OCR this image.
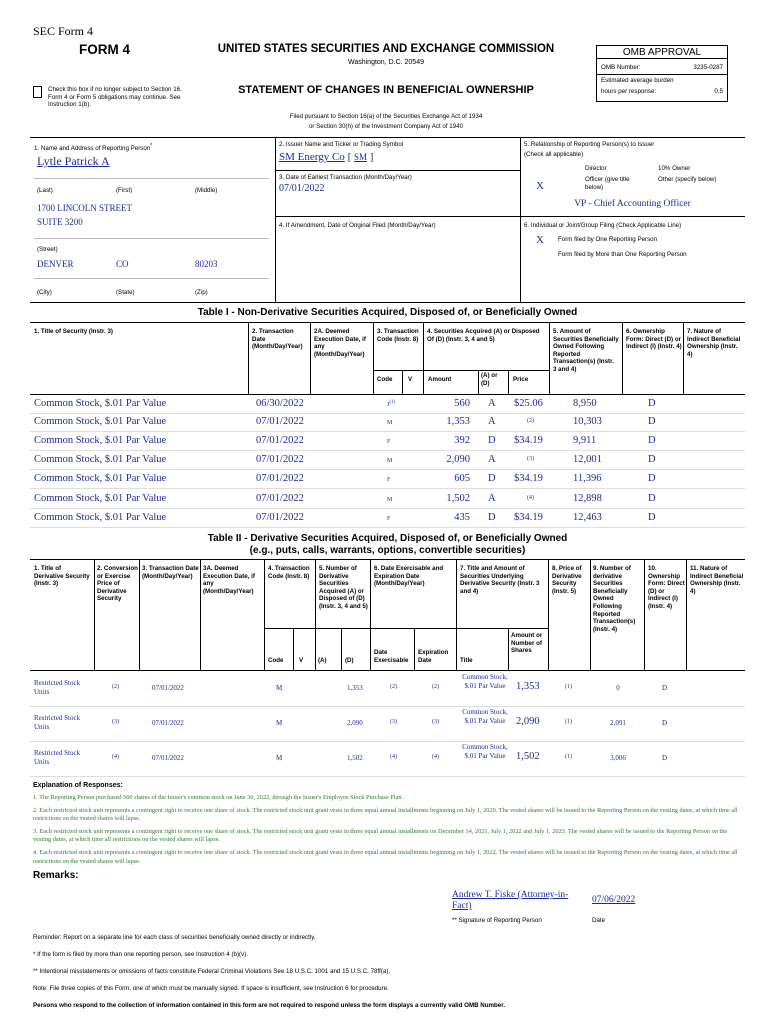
SEC Form 4
FORM 4	UNITED STATES SECURITIES AND EXCHANGE COMMISSION
Washington, D.C. 20549
STATEMENT OF CHANGES IN BENEFICIAL OWNERSHIP
Check this box if no longer subject to Section 16. Form 4 or Form 5 obligations may continue. See Instruction 1(b).
OMB APPROVAL
OMB Number:	3235-0287
Estimated average burden
hours per response:	0.5
Filed pursuant to Section 16(a) of the Securities Exchange Act of 1934
or Section 30(h) of the Investment Company Act of 1940
1. Name and Address of Reporting Person*
Lytle Patrick A
(Last)	(First)	(Middle)
1700 LINCOLN STREET
SUITE 3200
(Street)
DENVER	CO	80203
(City)	(State)	(Zip)
2. Issuer Name and Ticker or Trading Symbol
SM Energy Co [ SM ]
3. Date of Earliest Transaction (Month/Day/Year)
07/01/2022
4. If Amendment, Date of Original Filed (Month/Day/Year)
5. Relationship of Reporting Person(s) to Issuer
(Check all applicable)
Director	10% Owner
X
Officer (give title below)
Other (specify below)
VP - Chief Accounting Officer
6. Individual or Joint/Group Filing (Check Applicable Line)
X Form filed by One Reporting Person
Form filed by More than One Reporting Person
Table I - Non-Derivative Securities Acquired, Disposed of, or Beneficially Owned
1. Title of Security (Instr. 3)	2. Transaction Date (Month/Day/Year)
2A. Deemed Execution Date, if any (Month/Day/Year)
3. Transaction Code (Instr. 8)
4. Securities Acquired (A) or Disposed Of (D) (Instr. 3, 4 and 5)
5. Amount of Securities Beneficially Owned Following Reported Transaction(s) (Instr. 3 and 4)
6. Ownership Form: Direct (D) or Indirect (I) (Instr. 4)
7. Nature of Indirect Beneficial Ownership (Instr. 4)
Code	V	Amount
(A) or (D)
Price
Common Stock, $.01 Par Value	06/30/2022	$J^{(1)}$	560 A $25.06	8,950	D
Common Stock, $.01 Par Value	07/01/2022	M	1,353 A	(2)	10,303	D
Common Stock, $.01 Par Value	07/01/2022	F	392 D $34.19	9,911	D
Common Stock, $.01 Par Value	07/01/2022	M	2,090 A	(3)	12,001	D
Common Stock, $.01 Par Value	07/01/2022	F	605 D $34.19	11,396	D
Common Stock, $.01 Par Value	07/01/2022	M	1,502 A	(4)	12,898	D
Common Stock, $.01 Par Value	07/01/2022	F	435 D $34.19	12,463	D
Table II - Derivative Securities Acquired, Disposed of, or Beneficially Owned
(e.g., puts, calls, warrants, options, convertible securities)
1. Title of Derivative Security (Instr. 3)
2. Conversion or Exercise Price of Derivative Security
3. Transaction Date (Month/Day/Year)
3A. Deemed Execution Date, if any (Month/Day/Year)
4. Transaction Code (Instr. 8)
5. Number of Derivative Securities Acquired (A) or Disposed of (D) (Instr. 3, 4 and 5)
6. Date Exercisable and Expiration Date (Month/Day/Year)
7. Title and Amount of Securities Underlying Derivative Security (Instr. 3 and 4)
8. Price of Derivative Security (Instr. 5)
9. Number of derivative Securities Beneficially Owned Following Reported Transaction(s) (Instr. 4)
10. Ownership Form: Direct (D) or Indirect (I) (Instr. 4)
11. Nature of Indirect Beneficial Ownership (Instr. 4)
Code	V (A)	(D)
Date Exercisable
Expiration Date	Title
Amount or Number of Shares
Restricted Stock Units
(2)	07/01/2022	M	1,353	(2)	(2)
Common Stock, $.01 Par Value	1,353	(1)	0	D
Restricted Stock Units
(3)	07/01/2022	M	2,090	(3)	(3)
Common Stock, $.01 Par Value	2,090	(1)	2,091	D
Restricted Stock Units
(4)	07/01/2022	M	1,502	(4)	(4)
Common Stock, $.01 Par Value	1,502	(1)	3,006	D
Explanation of Responses:
1. The Reporting Person purchased 560 shares of the Issuer's common stock on June 30, 2022, through the Issuer's Employee Stock Purchase Plan.
2. Each restricted stock unit represents a contingent right to receive one share of stock. The restricted stock unit grant vests in three equal annual installments beginning on July 1, 2020. The vested shares will be issued to the Reporting Person on the vesting dates, at which time all restrictions on the vested shares will lapse.
3. Each restricted stock unit represents a contingent right to receive one share of stock. The restricted stock unit grant vests in three equal annual installments on December 14, 2021, July 1, 2022 and July 1, 2023. The vested shares will be issued to the Reporting Person on the vesting dates, at which time all restrictions on the vested shares will lapse.
4. Each restricted stock unit represents a contingent right to receive one share of stock. The restricted stock unit grant vests in three equal annual installments beginning on July 1, 2022. The vested shares will be issued to the Reporting Person on the vesting dates, at which time all restrictions on the vested shares will lapse.
Remarks:
Andrew T. Fiske (Attorney-in-Fact)
07/06/2022
** Signature of Reporting Person	Date
Reminder: Report on a separate line for each class of securities beneficially owned directly or indirectly.
* If the form is filed by more than one reporting person, see Instruction 4 (b)(v).
** Intentional misstatements or omissions of facts constitute Federal Criminal Violations See 18 U.S.C. 1001 and 15 U.S.C. 78ff(a).
Note: File three copies of this Form, one of which must be manually signed. If space is insufficient, see Instruction 6 for procedure.
Persons who respond to the collection of information contained in this form are not required to respond unless the form displays a currently valid OMB Number.
